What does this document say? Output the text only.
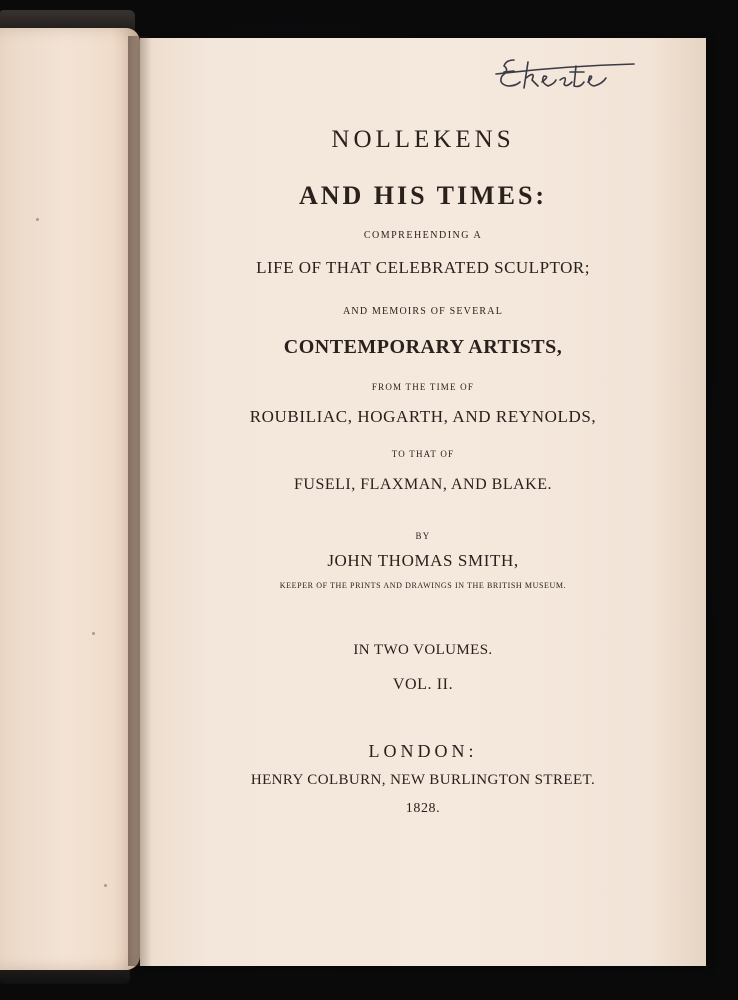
NOLLEKENS
AND HIS TIMES:
COMPREHENDING A
LIFE OF THAT CELEBRATED SCULPTOR;
AND MEMOIRS OF SEVERAL
CONTEMPORARY ARTISTS,
FROM THE TIME OF
ROUBILIAC, HOGARTH, AND REYNOLDS,
TO THAT OF
FUSELI, FLAXMAN, AND BLAKE.
BY
JOHN THOMAS SMITH,
KEEPER OF THE PRINTS AND DRAWINGS IN THE BRITISH MUSEUM.
IN TWO VOLUMES.
VOL. II.
LONDON:
HENRY COLBURN, NEW BURLINGTON STREET.
1828.
